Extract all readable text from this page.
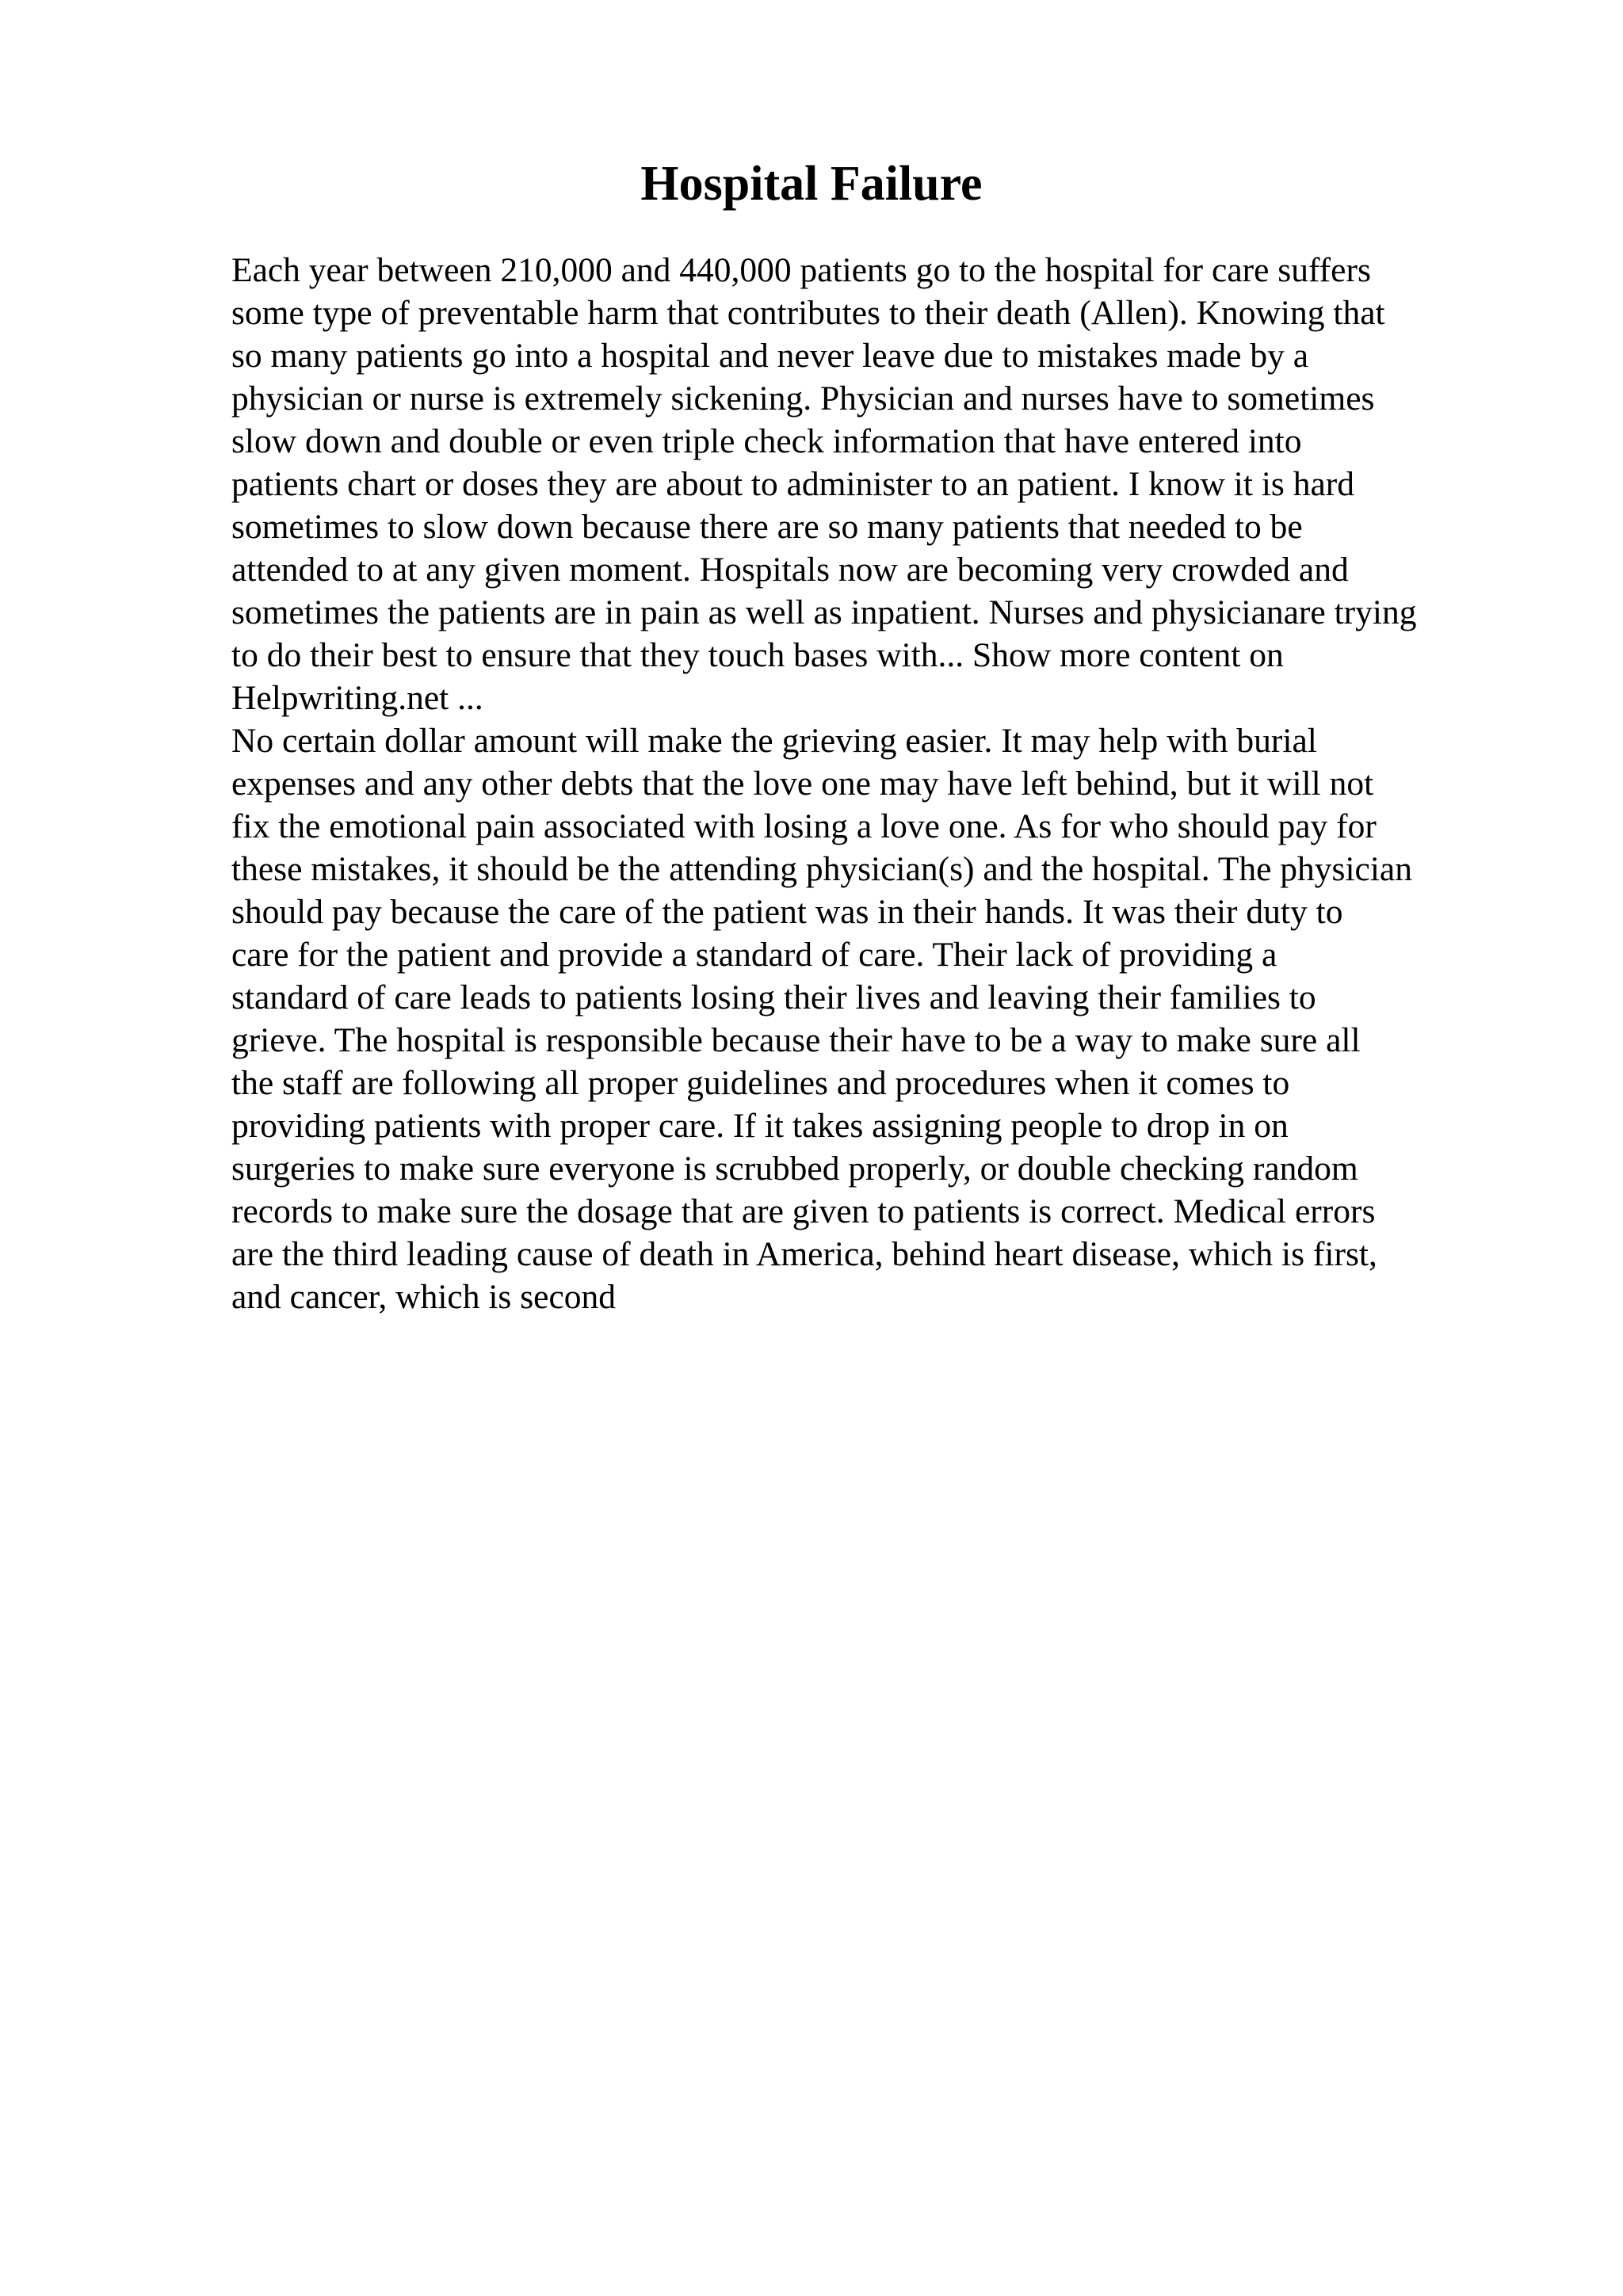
Hospital Failure
Each year between 210,000 and 440,000 patients go to the hospital for care suffers
some type of preventable harm that contributes to their death (Allen). Knowing that
so many patients go into a hospital and never leave due to mistakes made by a
physician or nurse is extremely sickening. Physician and nurses have to sometimes
slow down and double or even triple check information that have entered into
patients chart or doses they are about to administer to an patient. I know it is hard
sometimes to slow down because there are so many patients that needed to be
attended to at any given moment. Hospitals now are becoming very crowded and
sometimes the patients are in pain as well as inpatient. Nurses and physicianare trying
to do their best to ensure that they touch bases with... Show more content on
Helpwriting.net ...
No certain dollar amount will make the grieving easier. It may help with burial
expenses and any other debts that the love one may have left behind, but it will not
fix the emotional pain associated with losing a love one. As for who should pay for
these mistakes, it should be the attending physician(s) and the hospital. The physician
should pay because the care of the patient was in their hands. It was their duty to
care for the patient and provide a standard of care. Their lack of providing a
standard of care leads to patients losing their lives and leaving their families to
grieve. The hospital is responsible because their have to be a way to make sure all
the staff are following all proper guidelines and procedures when it comes to
providing patients with proper care. If it takes assigning people to drop in on
surgeries to make sure everyone is scrubbed properly, or double checking random
records to make sure the dosage that are given to patients is correct. Medical errors
are the third leading cause of death in America, behind heart disease, which is first,
and cancer, which is second
